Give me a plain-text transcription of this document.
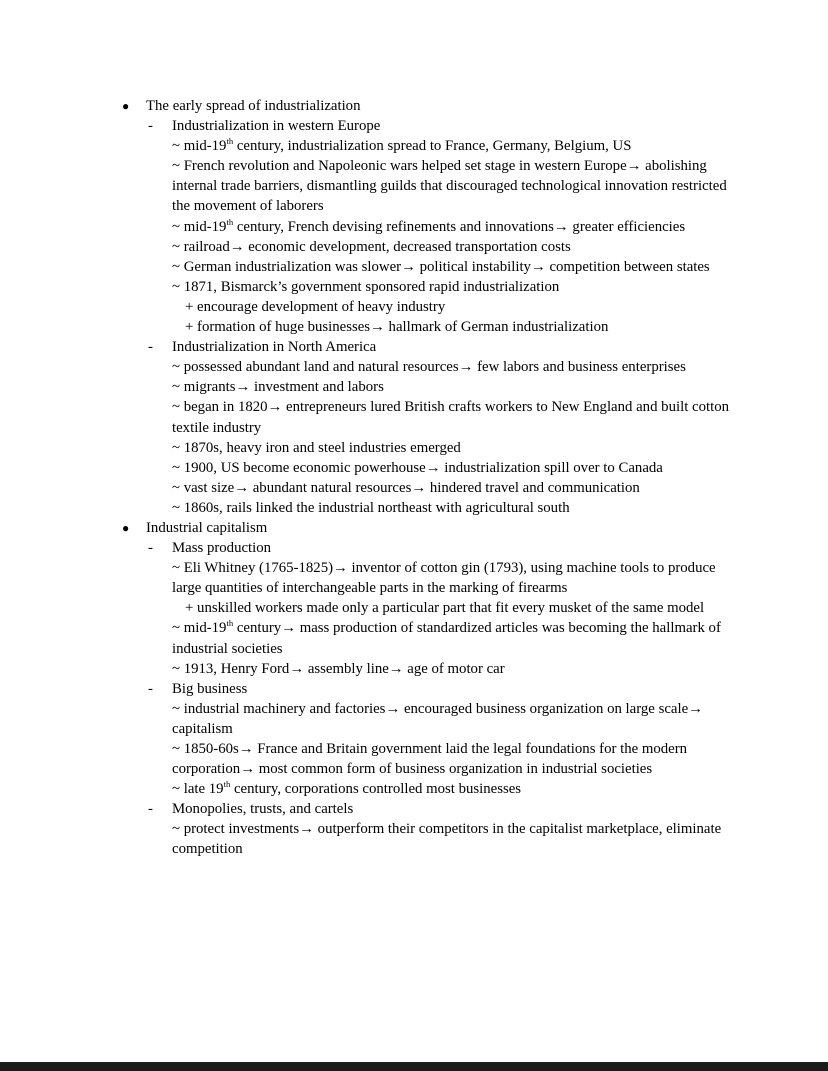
●	The early spread of industrialization
-	Industrialization in western Europe
~ mid-19th century, industrialization spread to France, Germany, Belgium, US
~ French revolution and Napoleonic wars helped set stage in western Europe→ abolishing internal trade barriers, dismantling guilds that discouraged technological innovation restricted the movement of laborers
~ mid-19th century, French devising refinements and innovations→ greater efficiencies
~ railroad→ economic development, decreased transportation costs
~ German industrialization was slower→ political instability→ competition between states
~ 1871, Bismarck’s government sponsored rapid industrialization
+ encourage development of heavy industry
+ formation of huge businesses→ hallmark of German industrialization
-	Industrialization in North America
~ possessed abundant land and natural resources→ few labors and business enterprises
~ migrants→ investment and labors
~ began in 1820→ entrepreneurs lured British crafts workers to New England and built cotton textile industry
~ 1870s, heavy iron and steel industries emerged
~ 1900, US become economic powerhouse→ industrialization spill over to Canada
~ vast size→ abundant natural resources→ hindered travel and communication
~ 1860s, rails linked the industrial northeast with agricultural south
●	Industrial capitalism
-	Mass production
~ Eli Whitney (1765-1825)→ inventor of cotton gin (1793), using machine tools to produce large quantities of interchangeable parts in the marking of firearms
+ unskilled workers made only a particular part that fit every musket of the same model
~ mid-19th century→ mass production of standardized articles was becoming the hallmark of industrial societies
~ 1913, Henry Ford→ assembly line→ age of motor car
-	Big business
~ industrial machinery and factories→ encouraged business organization on large scale→ capitalism
~ 1850-60s→ France and Britain government laid the legal foundations for the modern
corporation→ most common form of business organization in industrial societies
~ late 19th century, corporations controlled most businesses
-	Monopolies, trusts, and cartels
~ protect investments→ outperform their competitors in the capitalist marketplace, eliminate competition
